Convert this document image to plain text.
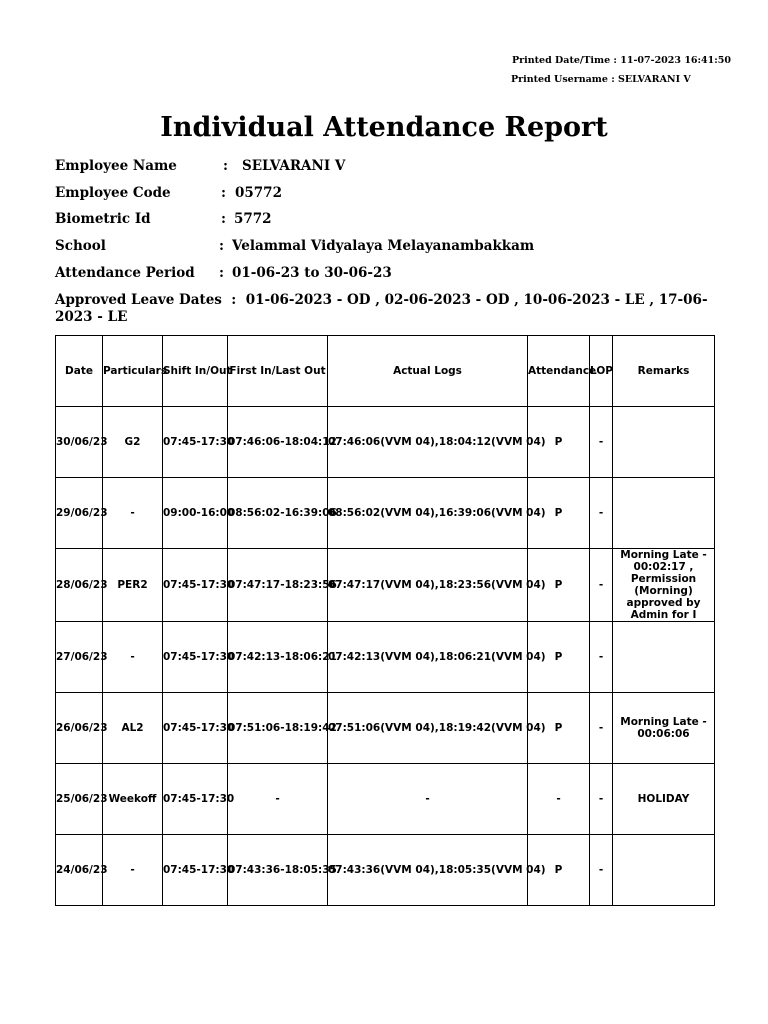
Printed Date/Time : 11-07-2023 16:41:50
Printed Username : SELVARANI V
Individual Attendance Report
Employee Name	: SELVARANI V
Employee Code	: 05772
Biometric Id	: 5772
School	: Velammal Vidyalaya Melayanambakkam
Attendance Period : 01-06-23 to 30-06-23
Approved Leave Dates : 01-06-2023 - OD , 02-06-2023 - OD , 10-06-2023 - LE , 17-06-2023 - LE
Date	Particulars	Shift In/Out	First In/Last Out	Actual Logs	Attendance	LOP	Remarks
30/06/23	G2	07:45-17:30	07:46:06-18:04:12	07:46:06(VVM 04),18:04:12(VVM 04)	P	-	
29/06/23	-	09:00-16:00	08:56:02-16:39:06	08:56:02(VVM 04),16:39:06(VVM 04)	P	-	
28/06/23	PER2	07:45-17:30	07:47:17-18:23:56	07:47:17(VVM 04),18:23:56(VVM 04)	P	-	Morning Late - 00:02:17 , Permission (Morning) approved by Admin for I
27/06/23	-	07:45-17:30	07:42:13-18:06:21	07:42:13(VVM 04),18:06:21(VVM 04)	P	-	
26/06/23	AL2	07:45-17:30	07:51:06-18:19:42	07:51:06(VVM 04),18:19:42(VVM 04)	P	-	Morning Late - 00:06:06
25/06/23	Weekoff	07:45-17:30	-	-	-	-	HOLIDAY
24/06/23	-	07:45-17:30	07:43:36-18:05:35	07:43:36(VVM 04),18:05:35(VVM 04)	P	-	
